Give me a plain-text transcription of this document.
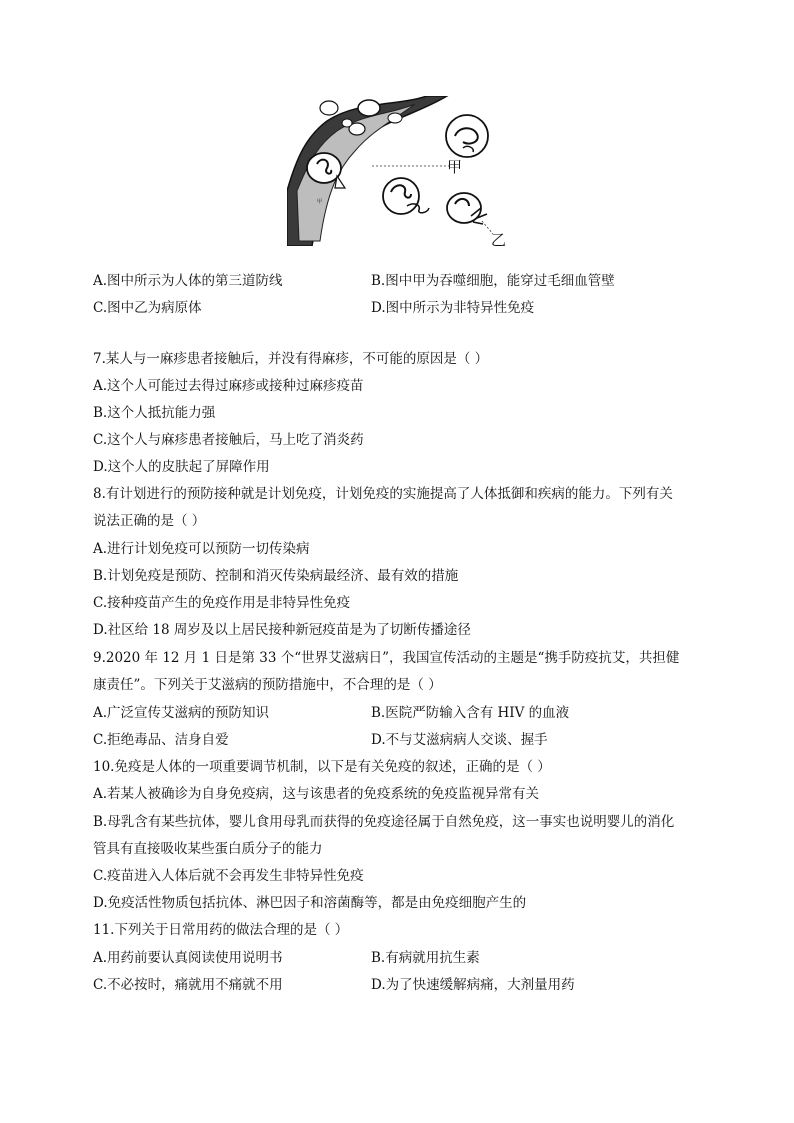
甲
甲
乙
A.图中所示为人体的第三道防线	B.图中甲为吞噬细胞，能穿过毛细血管壁
C.图中乙为病原体	D.图中所示为非特异性免疫
7.某人与一麻疹患者接触后，并没有得麻疹，不可能的原因是（ ）
A.这个人可能过去得过麻疹或接种过麻疹疫苗
B.这个人抵抗能力强
C.这个人与麻疹患者接触后，马上吃了消炎药
D.这个人的皮肤起了屏障作用
8.有计划进行的预防接种就是计划免疫，计划免疫的实施提高了人体抵御和疾病的能力。下列有关
说法正确的是（ ）
A.进行计划免疫可以预防一切传染病
B.计划免疫是预防、控制和消灭传染病最经济、最有效的措施
C.接种疫苗产生的免疫作用是非特异性免疫
D.社区给 18 周岁及以上居民接种新冠疫苗是为了切断传播途径
9.2020 年 12 月 1 日是第 33 个“世界艾滋病日”，我国宣传活动的主题是“携手防疫抗艾，共担健
康责任”。下列关于艾滋病的预防措施中，不合理的是（ ）
A.广泛宣传艾滋病的预防知识	B.医院严防输入含有 HIV 的血液
C.拒绝毒品、洁身自爱	D.不与艾滋病病人交谈、握手
10.免疫是人体的一项重要调节机制，以下是有关免疫的叙述，正确的是（ ）
A.若某人被确诊为自身免疫病，这与该患者的免疫系统的免疫监视异常有关
B.母乳含有某些抗体，婴儿食用母乳而获得的免疫途径属于自然免疫，这一事实也说明婴儿的消化
管具有直接吸收某些蛋白质分子的能力
C.疫苗进入人体后就不会再发生非特异性免疫
D.免疫活性物质包括抗体、淋巴因子和溶菌酶等，都是由免疫细胞产生的
11.下列关于日常用药的做法合理的是（ ）
A.用药前要认真阅读使用说明书	B.有病就用抗生素
C.不必按时，痛就用不痛就不用	D.为了快速缓解病痛，大剂量用药
